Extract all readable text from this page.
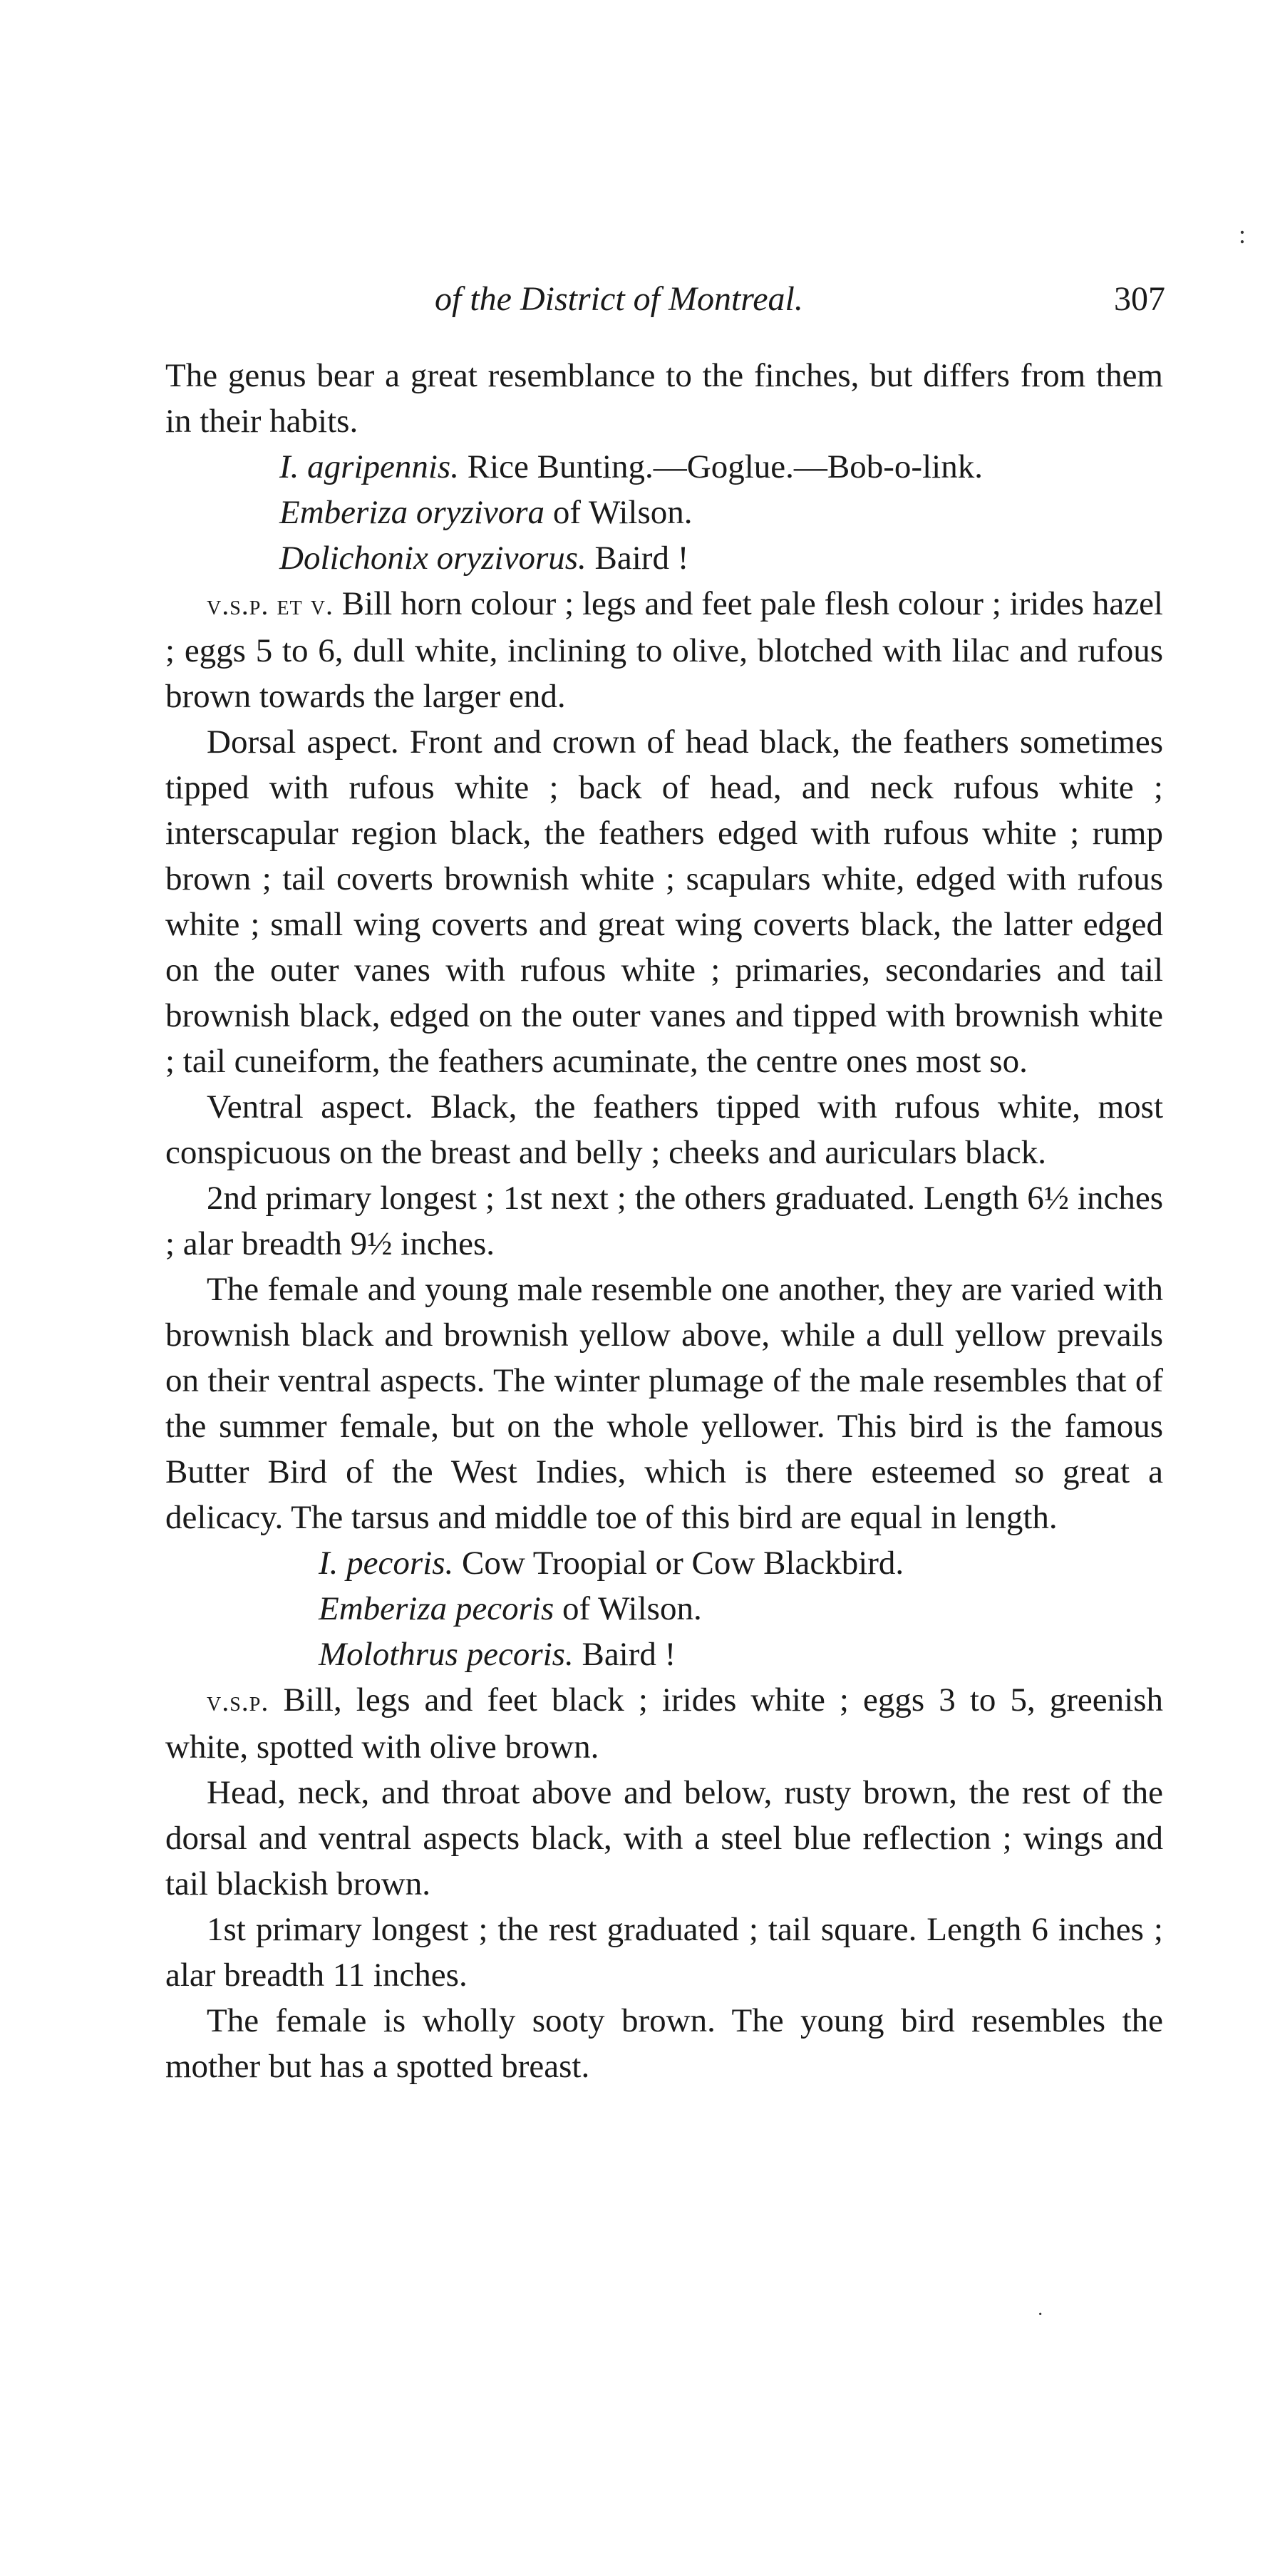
:
of the District of Montreal.	307

The genus bear a great resemblance to the finches, but differs from them in their habits.

I. agripennis. Rice Bunting.—Goglue.—Bob-o-link.

Emberiza oryzivora of Wilson.

Dolichonix oryzivorus. Baird !

v.s.p. et v. Bill horn colour ; legs and feet pale flesh colour ; irides hazel ; eggs 5 to 6, dull white, inclining to olive, blotched with lilac and rufous brown towards the larger end.

Dorsal aspect. Front and crown of head black, the feathers sometimes tipped with rufous white ; back of head, and neck rufous white ; interscapular region black, the feathers edged with rufous white ; rump brown ; tail coverts brownish white ; scapulars white, edged with rufous white ; small wing coverts and great wing coverts black, the latter edged on the outer vanes with rufous white ; primaries, secondaries and tail brownish black, edged on the outer vanes and tipped with brownish white ; tail cuneiform, the feathers acuminate, the centre ones most so.

Ventral aspect. Black, the feathers tipped with rufous white, most conspicuous on the breast and belly ; cheeks and auriculars black.

2nd primary longest ; 1st next ; the others graduated. Length 6½ inches ; alar breadth 9½ inches.

The female and young male resemble one another, they are varied with brownish black and brownish yellow above, while a dull yellow prevails on their ventral aspects. The winter plumage of the male resembles that of the summer female, but on the whole yellower. This bird is the famous Butter Bird of the West Indies, which is there esteemed so great a delicacy. The tarsus and middle toe of this bird are equal in length.

I. pecoris. Cow Troopial or Cow Blackbird.

Emberiza pecoris of Wilson.

Molothrus pecoris. Baird !

v.s.p. Bill, legs and feet black ; irides white ; eggs 3 to 5, greenish white, spotted with olive brown.

Head, neck, and throat above and below, rusty brown, the rest of the dorsal and ventral aspects black, with a steel blue reflection ; wings and tail blackish brown.

1st primary longest ; the rest graduated ; tail square. Length 6 inches ; alar breadth 11 inches.

The female is wholly sooty brown. The young bird resembles the mother but has a spotted breast.

·
